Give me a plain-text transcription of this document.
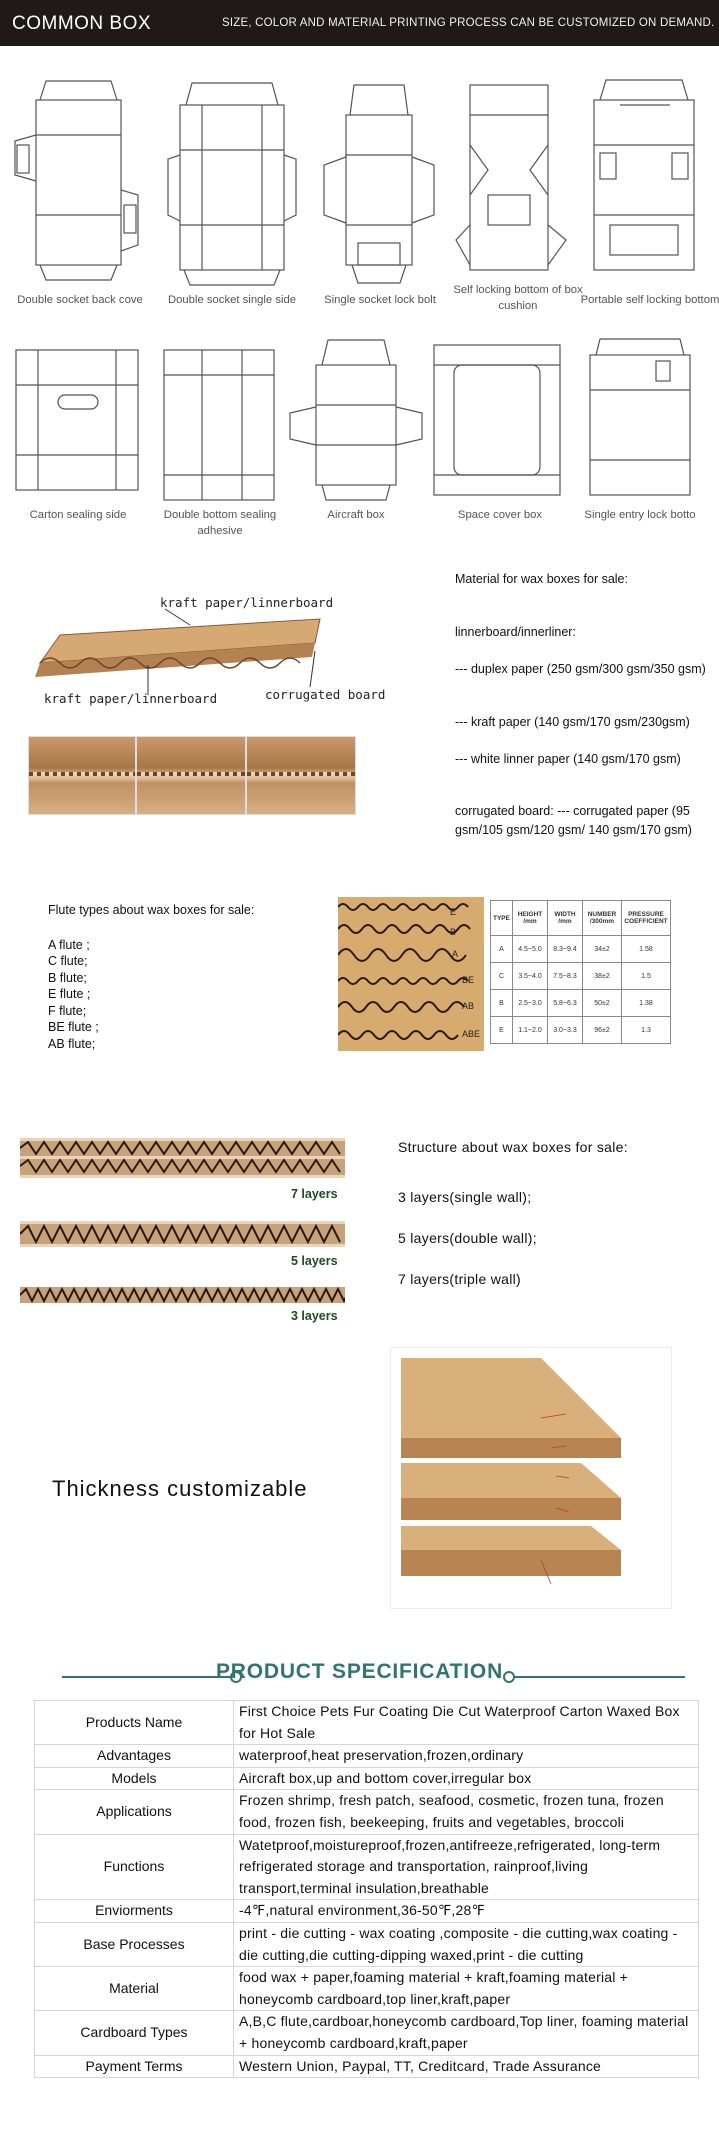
COMMON BOX	SIZE, COLOR AND MATERIAL PRINTING PROCESS CAN BE CUSTOMIZED ON DEMAND.
Double socket back cove	Double socket single side	Single socket lock bolt
Self locking bottom of box cushion	Portable self locking bottom
Carton sealing side	Double bottom sealing adhesive
Aircraft box	Space cover box	Single entry lock botto
kraft paper/linnerboard
kraft paper/linnerboard	corrugated board
Material for wax boxes for sale:
linnerboard/innerliner:
--- duplex paper (250 gsm/300 gsm/350 gsm)
--- kraft paper (140 gsm/170 gsm/230gsm)
--- white linner paper (140 gsm/170 gsm)
corrugated board: --- corrugated paper (95 gsm/105 gsm/120 gsm/ 140 gsm/170 gsm)
Flute types about wax boxes for sale:
A flute ;
C flute;
B flute;
E flute ;
F flute;
BE flute ;
AB flute;
E
B
A
BE
AB
ABE
TYPE	HEIGHT /mm	WIDTH /mm	NUMBER /300mm	PRESSURE COEFFICIENT
A	4.5~5.0	8.3~9.4	34±2	1.58
C	3.5~4.0	7.5~8.3	38±2	1.5
B	2.5~3.0	5.8~6.3	50±2	1.38
E	1.1~2.0	3.0~3.3	96±2	1.3
7 layers
5 layers
3 layers
Structure about wax boxes for sale:
3 layers(single wall);
5 layers(double wall);
7 layers(triple wall)
Thickness customizable
PRODUCT SPECIFICATION
Products Name	First Choice Pets Fur Coating Die Cut Waterproof Carton Waxed Box for Hot Sale
Advantages	waterproof,heat preservation,frozen,ordinary
Models	Aircraft box,up and bottom cover,irregular box
Applications	Frozen shrimp, fresh patch, seafood, cosmetic, frozen tuna, frozen food, frozen fish, beekeeping, fruits and vegetables, broccoli
Functions	Watetproof,moistureproof,frozen,antifreeze,refrigerated, long-term refrigerated storage and transportation, rainproof,living transport,terminal insulation,breathable
Enviorments	-4℉,natural environment,36-50℉,28℉
Base Processes	print - die cutting - wax coating ,composite - die cutting,wax coating - die cutting,die cutting-dipping waxed,print - die cutting
Material	food wax + paper,foaming material + kraft,foaming material + honeycomb cardboard,top liner,kraft,paper
Cardboard Types	A,B,C flute,cardboar,honeycomb cardboard,Top liner, foaming material + honeycomb cardboard,kraft,paper
Payment Terms	Western Union, Paypal, TT, Creditcard, Trade Assurance
